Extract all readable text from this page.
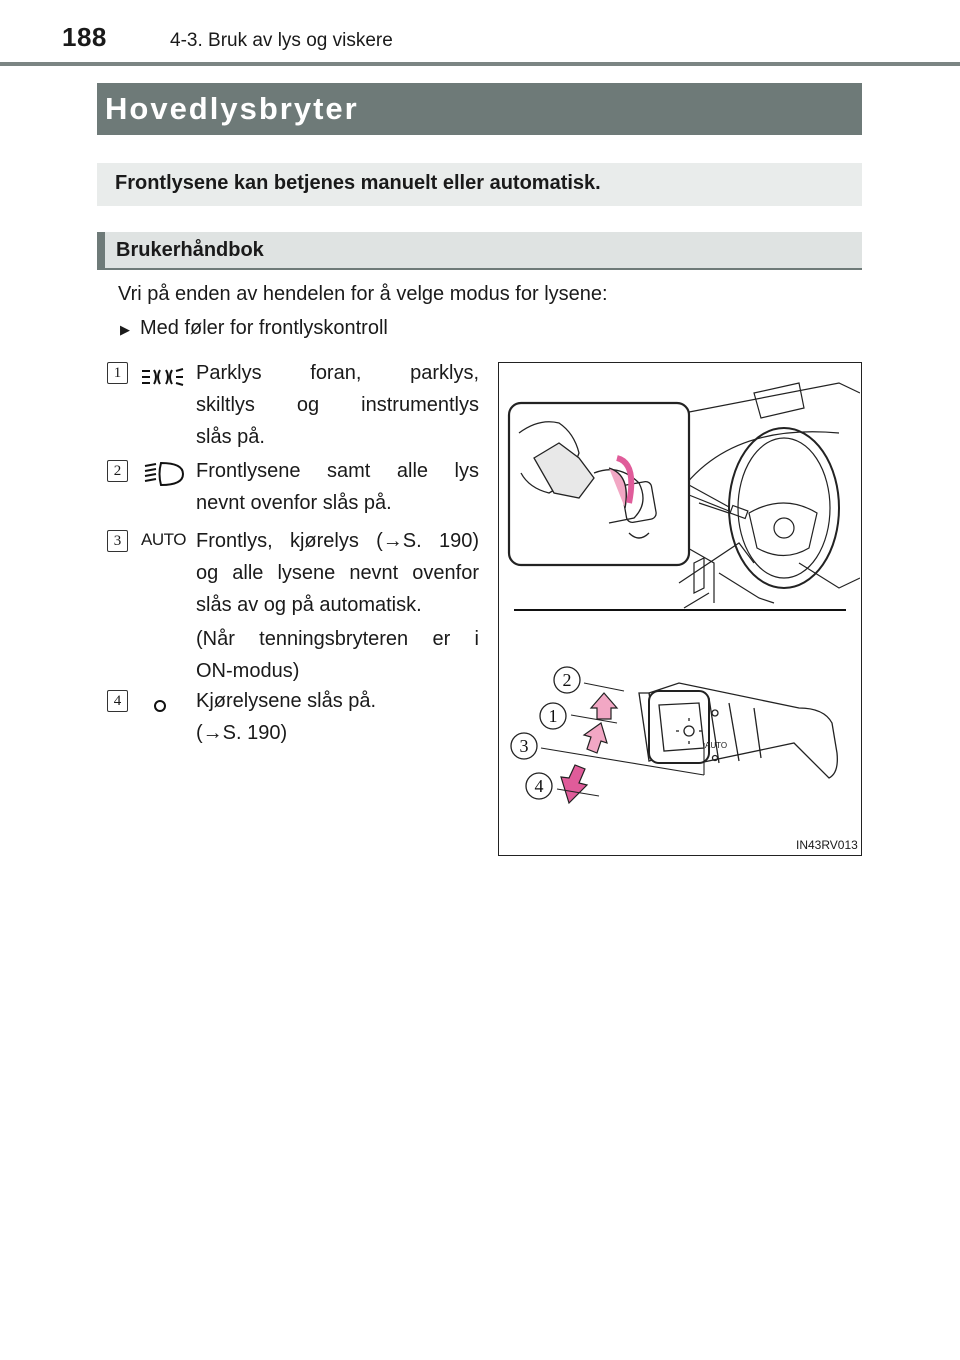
188	4-3. Bruk av lys og viskere
Hovedlysbryter
Frontlysene kan betjenes manuelt eller automatisk.
Brukerhåndbok
Vri på enden av hendelen for å velge modus for lysene:
▶ Med føler for frontlyskontroll
1	Parklys foran, parklys,
skiltlys og instrumentlys
slås på.
2	Frontlysene samt alle lys
nevnt ovenfor slås på.
3	AUTO Frontlys, kjørelys (→S. 190)
og alle lysene nevnt ovenfor
slås av og på automatisk.
(Når tenningsbryteren er i
ON-modus)
4	Kjørelysene slås på.
(→S. 190)
AUTO
2
1
3
4
IN43RV013
